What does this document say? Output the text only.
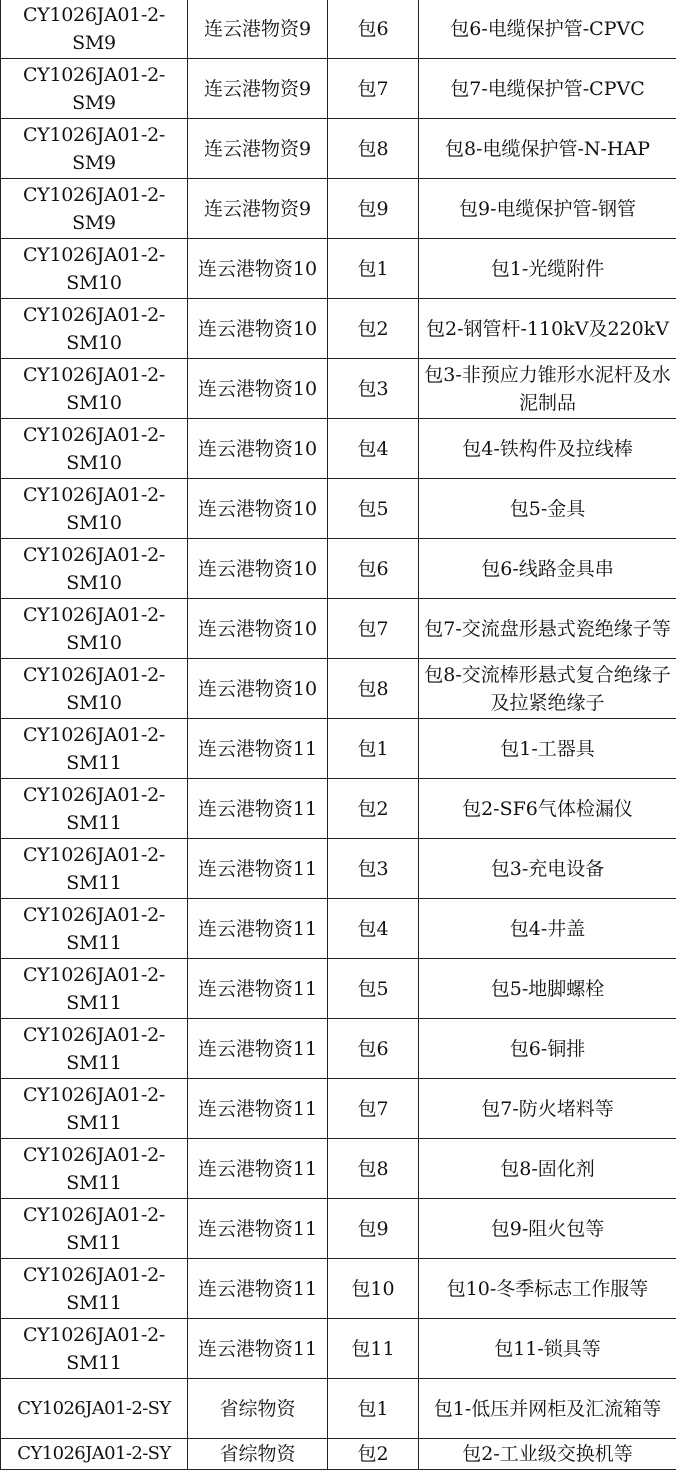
CY1026JA01-2-SM9	连云港物资9	包6	包6-电缆保护管-CPVC
CY1026JA01-2-SM9	连云港物资9	包7	包7-电缆保护管-CPVC
CY1026JA01-2-SM9	连云港物资9	包8	包8-电缆保护管-N-HAP
CY1026JA01-2-SM9	连云港物资9	包9	包9-电缆保护管-钢管
CY1026JA01-2-SM10	连云港物资10	包1	包1-光缆附件
CY1026JA01-2-SM10	连云港物资10	包2	包2-钢管杆-110kV及220kV
CY1026JA01-2-SM10	连云港物资10	包3	包3-非预应力锥形水泥杆及水泥制品
CY1026JA01-2-SM10	连云港物资10	包4	包4-铁构件及拉线棒
CY1026JA01-2-SM10	连云港物资10	包5	包5-金具
CY1026JA01-2-SM10	连云港物资10	包6	包6-线路金具串
CY1026JA01-2-SM10	连云港物资10	包7	包7-交流盘形悬式瓷绝缘子等
CY1026JA01-2-SM10	连云港物资10	包8	包8-交流棒形悬式复合绝缘子及拉紧绝缘子
CY1026JA01-2-SM11	连云港物资11	包1	包1-工器具
CY1026JA01-2-SM11	连云港物资11	包2	包2-SF6气体检漏仪
CY1026JA01-2-SM11	连云港物资11	包3	包3-充电设备
CY1026JA01-2-SM11	连云港物资11	包4	包4-井盖
CY1026JA01-2-SM11	连云港物资11	包5	包5-地脚螺栓
CY1026JA01-2-SM11	连云港物资11	包6	包6-铜排
CY1026JA01-2-SM11	连云港物资11	包7	包7-防火堵料等
CY1026JA01-2-SM11	连云港物资11	包8	包8-固化剂
CY1026JA01-2-SM11	连云港物资11	包9	包9-阻火包等
CY1026JA01-2-SM11	连云港物资11	包10	包10-冬季标志工作服等
CY1026JA01-2-SM11	连云港物资11	包11	包11-锁具等
CY1026JA01-2-SY	省综物资	包1	包1-低压并网柜及汇流箱等
CY1026JA01-2-SY	省综物资	包2	包2-工业级交换机等
